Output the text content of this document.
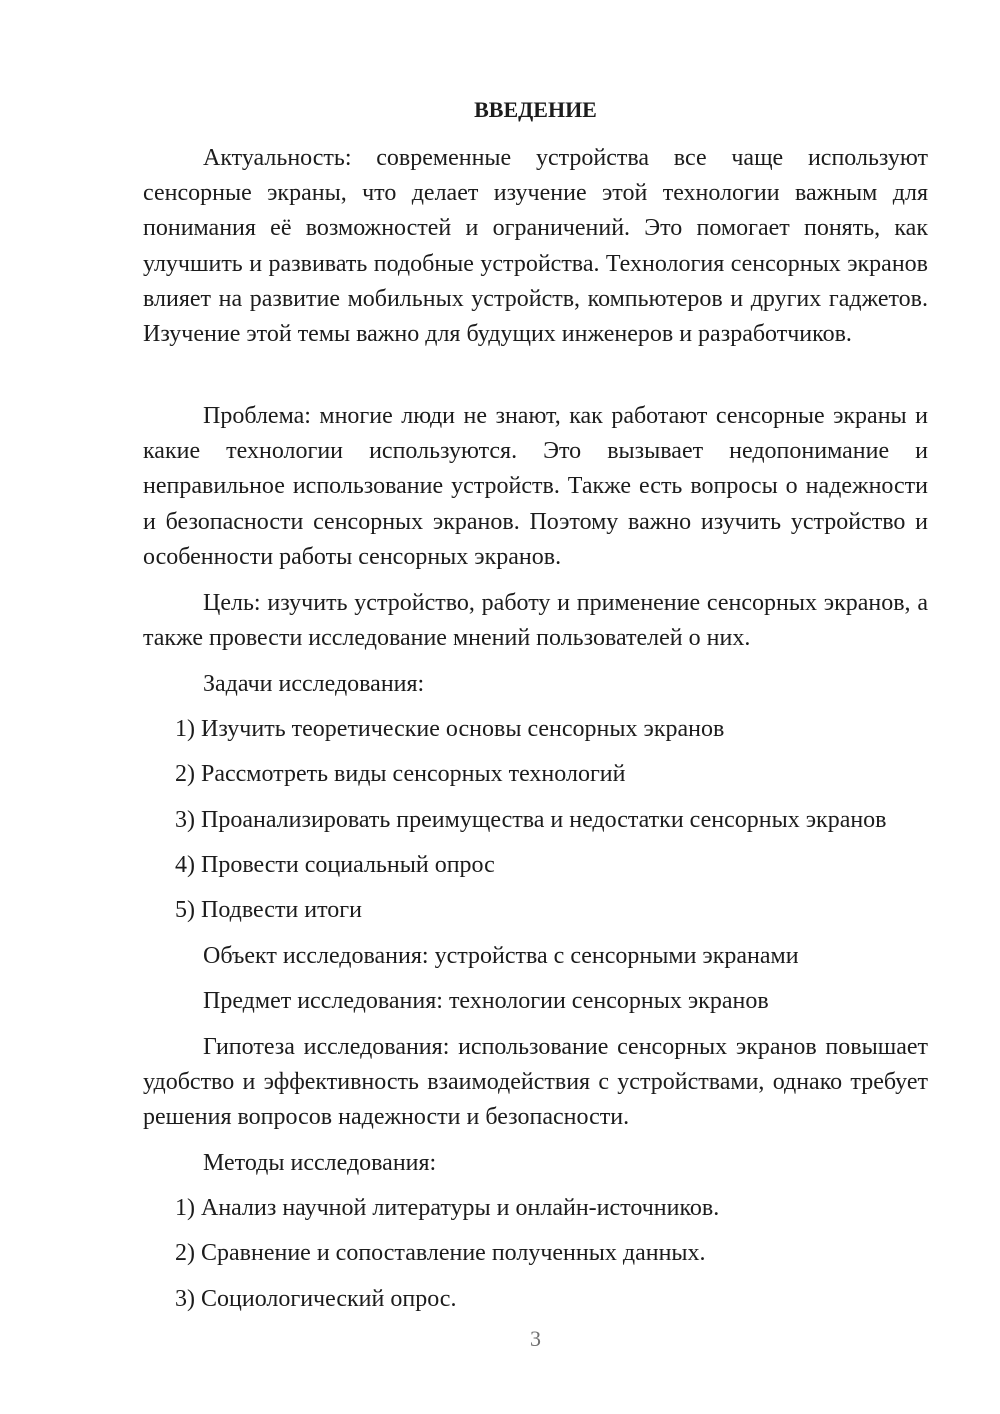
ВВЕДЕНИЕ

Актуальность: современные устройства все чаще используют сенсорные экраны, что делает изучение этой технологии важным для понимания её возможностей и ограничений. Это помогает понять, как улучшить и развивать подобные устройства. Технология сенсорных экранов влияет на развитие мобильных устройств, компьютеров и других гаджетов. Изучение этой темы важно для будущих инженеров и разработчиков.

Проблема: многие люди не знают, как работают сенсорные экраны и какие технологии используются. Это вызывает недопонимание и неправильное использование устройств. Также есть вопросы о надежности и безопасности сенсорных экранов. Поэтому важно изучить устройство и особенности работы сенсорных экранов.

Цель: изучить устройство, работу и применение сенсорных экранов, а также провести исследование мнений пользователей о них.

Задачи исследования:

1) Изучить теоретические основы сенсорных экранов

2) Рассмотреть виды сенсорных технологий

3) Проанализировать преимущества и недостатки сенсорных экранов

4) Провести социальный опрос

5) Подвести итоги

Объект исследования: устройства с сенсорными экранами

Предмет исследования: технологии сенсорных экранов

Гипотеза исследования: использование сенсорных экранов повышает удобство и эффективность взаимодействия с устройствами, однако требует решения вопросов надежности и безопасности.

Методы исследования:

1) Анализ научной литературы и онлайн-источников.

2) Сравнение и сопоставление полученных данных.

3) Социологический опрос.

3
